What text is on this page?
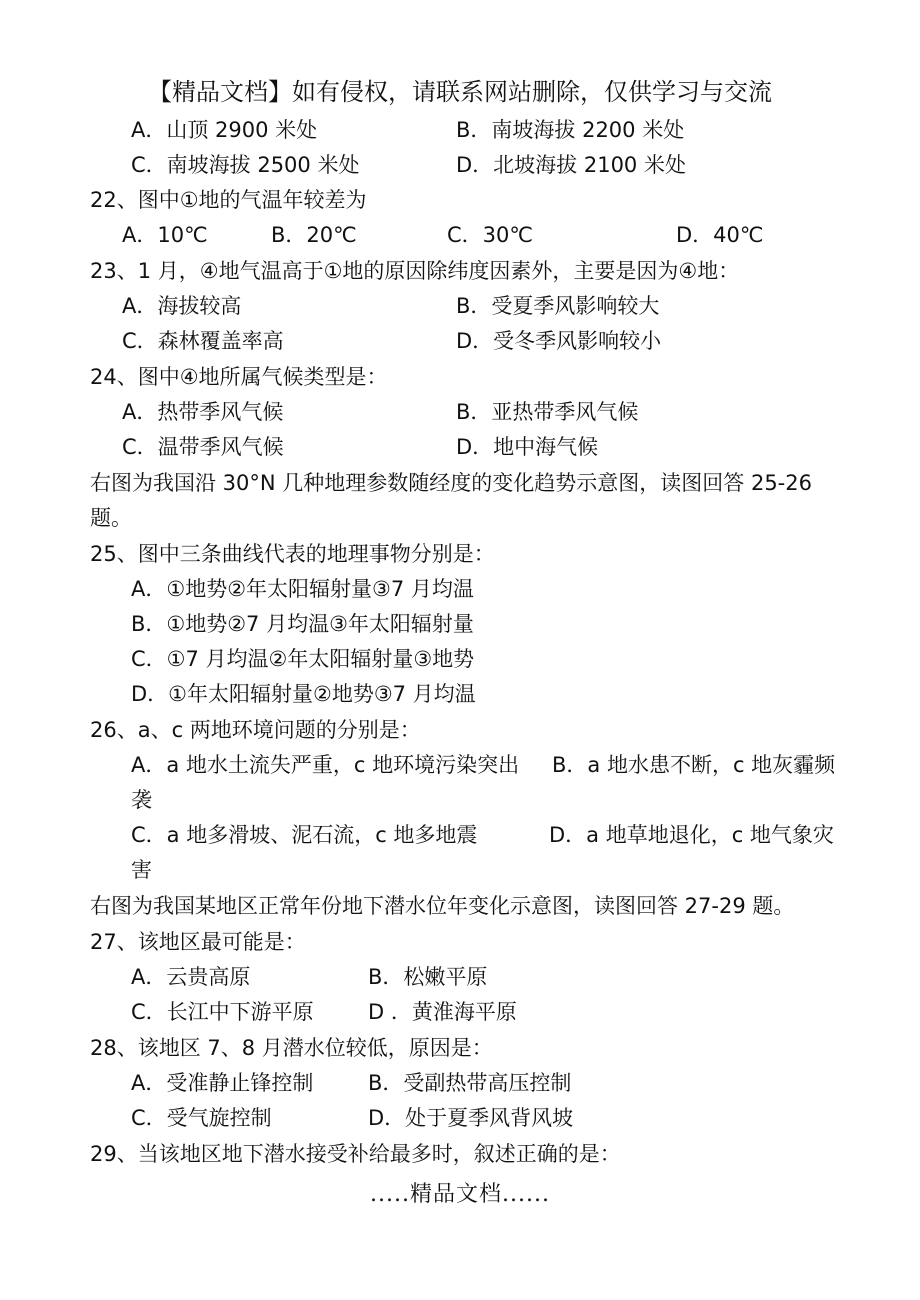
【精品文档】如有侵权，请联系网站删除，仅供学习与交流
A．山顶 2900 米处	B．南坡海拔 2200 米处
C．南坡海拔 2500 米处	D．北坡海拔 2100 米处
22、图中①地的气温年较差为
A．10℃	B．20℃	C．30℃	D．40℃
23、1 月，④地气温高于①地的原因除纬度因素外，主要是因为④地：
A．海拔较高	B．受夏季风影响较大
C．森林覆盖率高	D．受冬季风影响较小
24、图中④地所属气候类型是：
A．热带季风气候	B．亚热带季风气候
C．温带季风气候	D．地中海气候
右图为我国沿 30°N 几种地理参数随经度的变化趋势示意图，读图回答 25-26
题。
25、图中三条曲线代表的地理事物分别是：
A．①地势②年太阳辐射量③7 月均温
B．①地势②7 月均温③年太阳辐射量
C．①7 月均温②年太阳辐射量③地势
D．①年太阳辐射量②地势③7 月均温
26、a、c 两地环境问题的分别是：
A．a 地水土流失严重，c 地环境污染突出 B．a 地水患不断，c 地灰霾频
袭
C．a 地多滑坡、泥石流，c 地多地震	D．a 地草地退化，c 地气象灾
害
右图为我国某地区正常年份地下潜水位年变化示意图，读图回答 27-29 题。
27、该地区最可能是：
A．云贵高原	B．松嫩平原
C．长江中下游平原	D ．黄淮海平原
28、该地区 7、8 月潜水位较低，原因是：
A．受准静止锋控制	B．受副热带高压控制
C．受气旋控制	D．处于夏季风背风坡
29、当该地区地下潜水接受补给最多时，叙述正确的是：
.....精品文档......
